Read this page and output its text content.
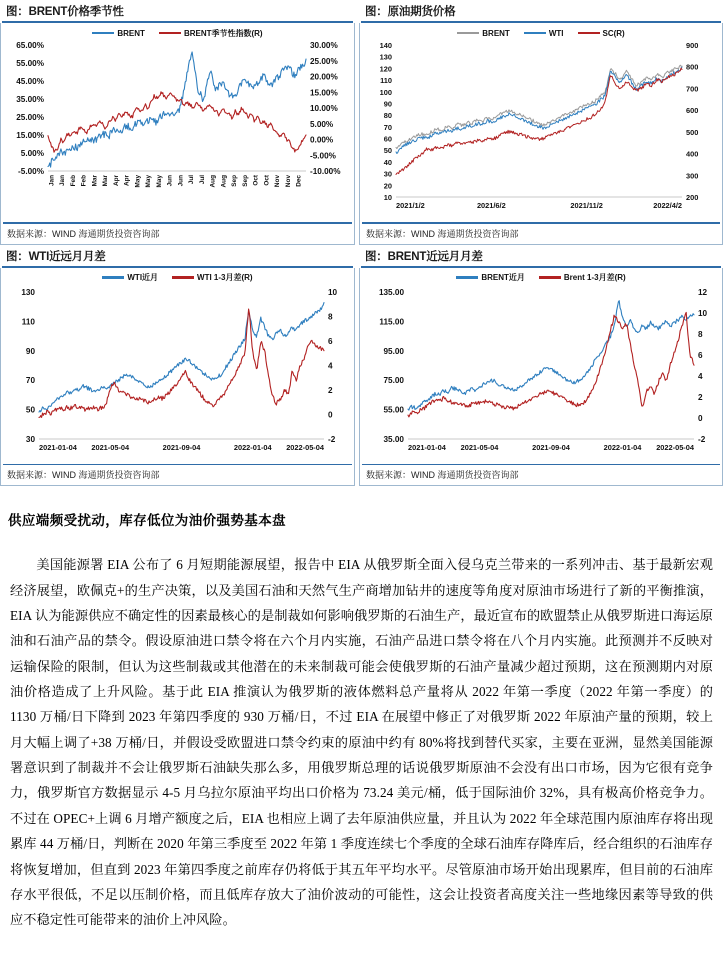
图：BRENT价格季节性
BRENT	BRENT季节性指数(R)
65.00%
55.00%
45.00%
35.00%
25.00%
15.00%
5.00%
-5.00%
30.00%
25.00%
20.00%
15.00%
10.00%
5.00%
0.00%
-5.00%
-10.00%
Jan Jan Feb Feb Mar Mar Apr Apr May May May Jun Jun Jul Jul Aug Aug Sep Sep Oct Oct Nov Nov Dec
数据来源：WIND 海通期货投资咨询部
图：原油期货价格
BRENT	WTI	SC(R)
140
130
120
110
100
90
80
70
60
50
40
30
20
10
900
800
700
600
500
400
300
200
2021/1/2	2021/6/2	2021/11/2	2022/4/2
数据来源：WIND 海通期货投资咨询部
图：WTI近远月月差
WTI近月	WTI 1-3月差(R)
130
110
90
70
50
30
10
8
6
4
2
0
-2
2021-01-04 2021-05-04	2021-09-04	2022-01-04 2022-05-04
数据来源：WIND 海通期货投资咨询部
图：BRENT近远月月差
BRENT近月	Brent 1-3月差(R)
135.00
115.00
95.00
75.00
55.00
35.00
12
10
8
6
4
2
0
-2
2021-01-04 2021-05-04	2021-09-04	2022-01-04 2022-05-04
数据来源：WIND 海通期货投资咨询部
供应端频受扰动，库存低位为油价强势基本盘

美国能源署 EIA 公布了 6 月短期能源展望，报告中 EIA 从俄罗斯全面入侵乌克兰带来的一系列冲击、基于最新宏观经济展望，欧佩克+的生产决策，以及美国石油和天然气生产商增加钻井的速度等角度对原油市场进行了新的平衡推演，EIA 认为能源供应不确定性的因素最核心的是制裁如何影响俄罗斯的石油生产，最近宣布的欧盟禁止从俄罗斯进口海运原油和石油产品的禁令。假设原油进口禁令将在六个月内实施，石油产品进口禁令将在八个月内实施。此预测并不反映对运输保险的限制，但认为这些制裁或其他潜在的未来制裁可能会使俄罗斯的石油产量减少超过预期，这在预测期内对原油价格造成了上升风险。基于此 EIA 推演认为俄罗斯的液体燃料总产量将从 2022 年第一季度（2022 年第一季度）的 1130 万桶/日下降到 2023 年第四季度的 930 万桶/日，不过 EIA 在展望中修正了对俄罗斯 2022 年原油产量的预期，较上月大幅上调了+38 万桶/日，并假设受欧盟进口禁令约束的原油中约有 80%将找到替代买家，主要在亚洲，显然美国能源署意识到了制裁并不会让俄罗斯石油缺失那么多，用俄罗斯总理的话说俄罗斯原油不会没有出口市场，因为它很有竞争力，俄罗斯官方数据显示 4-5 月乌拉尔原油平均出口价格为 73.24 美元/桶，低于国际油价 32%，具有极高价格竞争力。不过在 OPEC+上调 6 月增产额度之后，EIA 也相应上调了去年原油供应量，并且认为 2022 年全球范围内原油库存将出现累库 44 万桶/日，判断在 2020 年第三季度至 2022 年第 1 季度连续七个季度的全球石油库存降库后，经合组织的石油库存将恢复增加，但直到 2023 年第四季度之前库存仍将低于其五年平均水平。尽管原油市场开始出现累库，但目前的石油库存水平很低，不足以压制价格，而且低库存放大了油价波动的可能性，这会让投资者高度关注一些地缘因素等导致的供应不稳定性可能带来的油价上冲风险。
